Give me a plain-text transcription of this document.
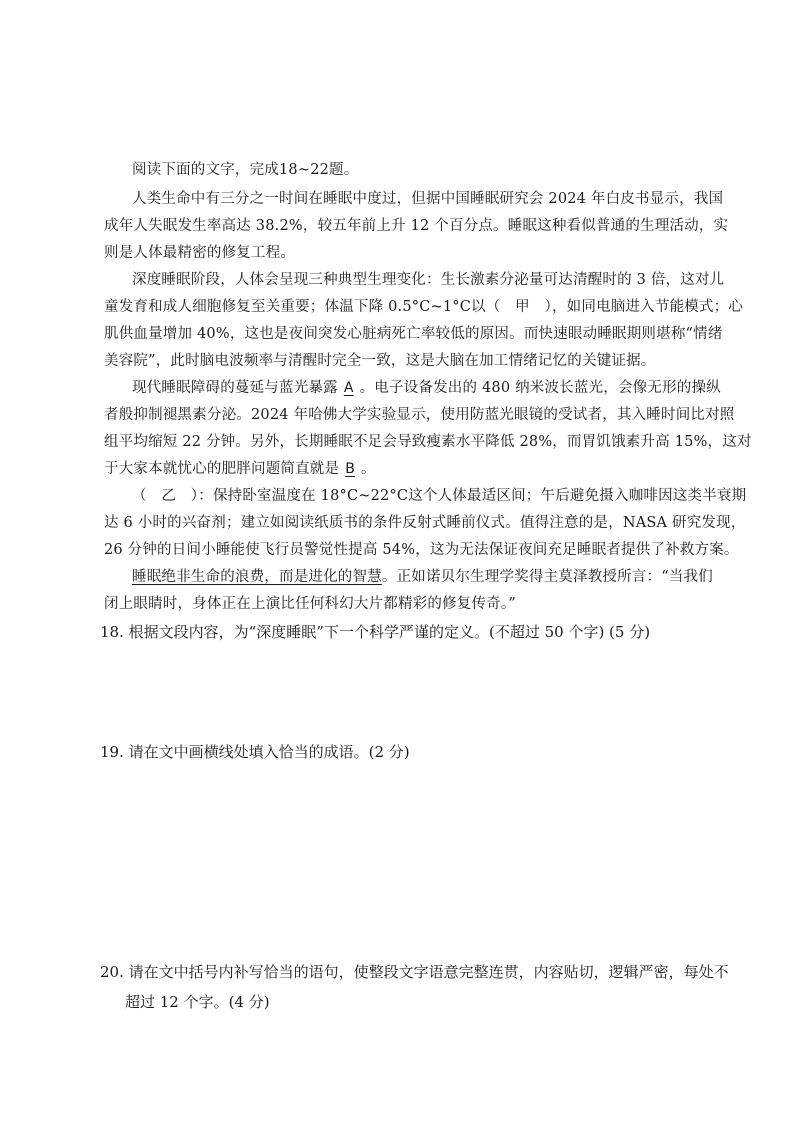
阅读下面的文字，完成18~22题。
人类生命中有三分之一时间在睡眠中度过，但据中国睡眠研究会 2024 年白皮书显示，我国
成年人失眠发生率高达 38.2%，较五年前上升 12 个百分点。睡眠这种看似普通的生理活动，实
则是人体最精密的修复工程。
深度睡眠阶段，人体会呈现三种典型生理变化：生长激素分泌量可达清醒时的 3 倍，这对儿
童发育和成人细胞修复至关重要；体温下降 0.5°C~1°C以（　甲　），如同电脑进入节能模式；心
肌供血量增加 40%，这也是夜间突发心脏病死亡率较低的原因。而快速眼动睡眠期则堪称“情绪
美容院”，此时脑电波频率与清醒时完全一致，这是大脑在加工情绪记忆的关键证据。
现代睡眠障碍的蔓延与蓝光暴露 A 。电子设备发出的 480 纳米波长蓝光，会像无形的操纵
者般抑制褪黑素分泌。2024 年哈佛大学实验显示，使用防蓝光眼镜的受试者，其入睡时间比对照
组平均缩短 22 分钟。另外，长期睡眠不足会导致瘦素水平降低 28%，而胃饥饿素升高 15%，这对
于大家本就忧心的肥胖问题简直就是 B 。
（　乙　）：保持卧室温度在 18°C~22°C这个人体最适区间；午后避免摄入咖啡因这类半衰期
达 6 小时的兴奋剂；建立如阅读纸质书的条件反射式睡前仪式。值得注意的是，NASA 研究发现，
26 分钟的日间小睡能使飞行员警觉性提高 54%，这为无法保证夜间充足睡眠者提供了补救方案。
睡眠绝非生命的浪费，而是进化的智慧。正如诺贝尔生理学奖得主莫泽教授所言：“当我们
闭上眼睛时，身体正在上演比任何科幻大片都精彩的修复传奇。”
18. 根据文段内容，为“深度睡眠”下一个科学严谨的定义。(不超过 50 个字) (5 分)
19. 请在文中画横线处填入恰当的成语。(2 分)
20. 请在文中括号内补写恰当的语句，使整段文字语意完整连贯，内容贴切，逻辑严密，每处不
超过 12 个字。(4 分)
